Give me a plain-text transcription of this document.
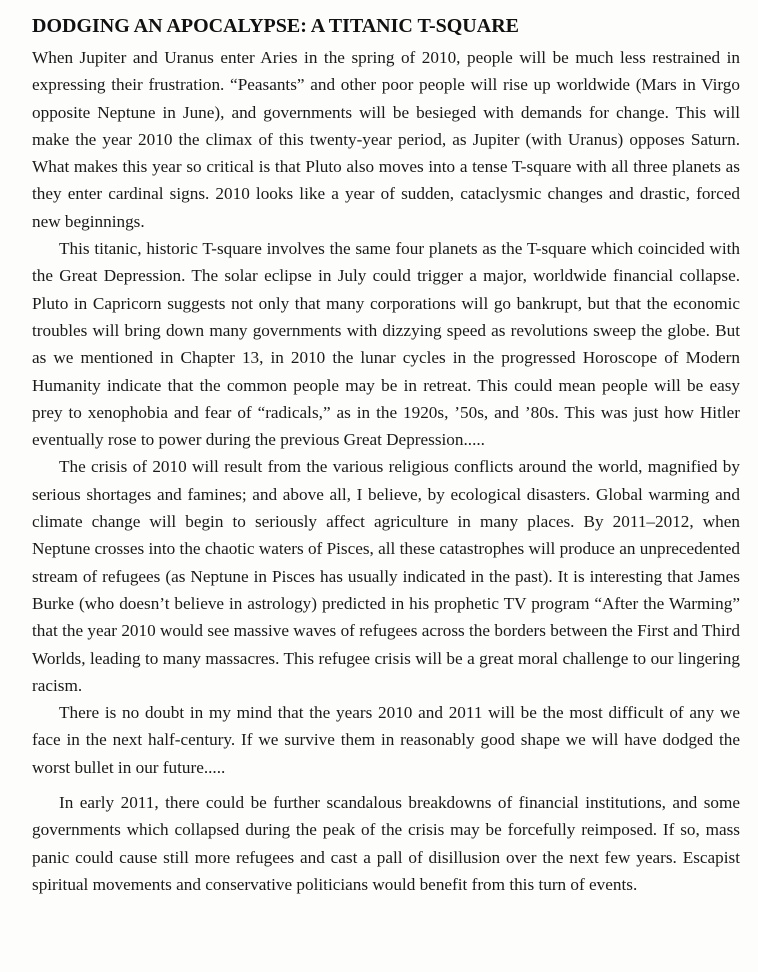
DODGING AN APOCALYPSE: A TITANIC T-SQUARE

When Jupiter and Uranus enter Aries in the spring of 2010, people will be much less restrained in expressing their frustration. “Peasants” and other poor people will rise up worldwide (Mars in Virgo opposite Neptune in June), and governments will be besieged with demands for change. This will make the year 2010 the climax of this twenty-year period, as Jupiter (with Uranus) opposes Saturn. What makes this year so critical is that Pluto also moves into a tense T-square with all three planets as they enter cardinal signs. 2010 looks like a year of sudden, cataclysmic changes and drastic, forced new beginnings.

This titanic, historic T-square involves the same four planets as the T-square which coincided with the Great Depression. The solar eclipse in July could trigger a major, worldwide financial collapse. Pluto in Capricorn suggests not only that many corporations will go bankrupt, but that the economic troubles will bring down many governments with dizzying speed as revolutions sweep the globe. But as we mentioned in Chapter 13, in 2010 the lunar cycles in the progressed Horoscope of Modern Humanity indicate that the common people may be in retreat. This could mean people will be easy prey to xenophobia and fear of “radicals,” as in the 1920s, ’50s, and ’80s. This was just how Hitler eventually rose to power during the previous Great Depression.....

The crisis of 2010 will result from the various religious conflicts around the world, magnified by serious shortages and famines; and above all, I believe, by ecological disasters. Global warming and climate change will begin to seriously affect agriculture in many places. By 2011–2012, when Neptune crosses into the chaotic waters of Pisces, all these catastrophes will produce an unprecedented stream of refugees (as Neptune in Pisces has usually indicated in the past). It is interesting that James Burke (who doesn’t believe in astrology) predicted in his prophetic TV program “After the Warming” that the year 2010 would see massive waves of refugees across the borders between the First and Third Worlds, leading to many massacres. This refugee crisis will be a great moral challenge to our lingering racism.

There is no doubt in my mind that the years 2010 and 2011 will be the most difficult of any we face in the next half-century. If we survive them in reasonably good shape we will have dodged the worst bullet in our future.....

In early 2011, there could be further scandalous breakdowns of financial institutions, and some governments which collapsed during the peak of the crisis may be forcefully reimposed. If so, mass panic could cause still more refugees and cast a pall of disillusion over the next few years. Escapist spiritual movements and conservative politicians would benefit from this turn of events.
